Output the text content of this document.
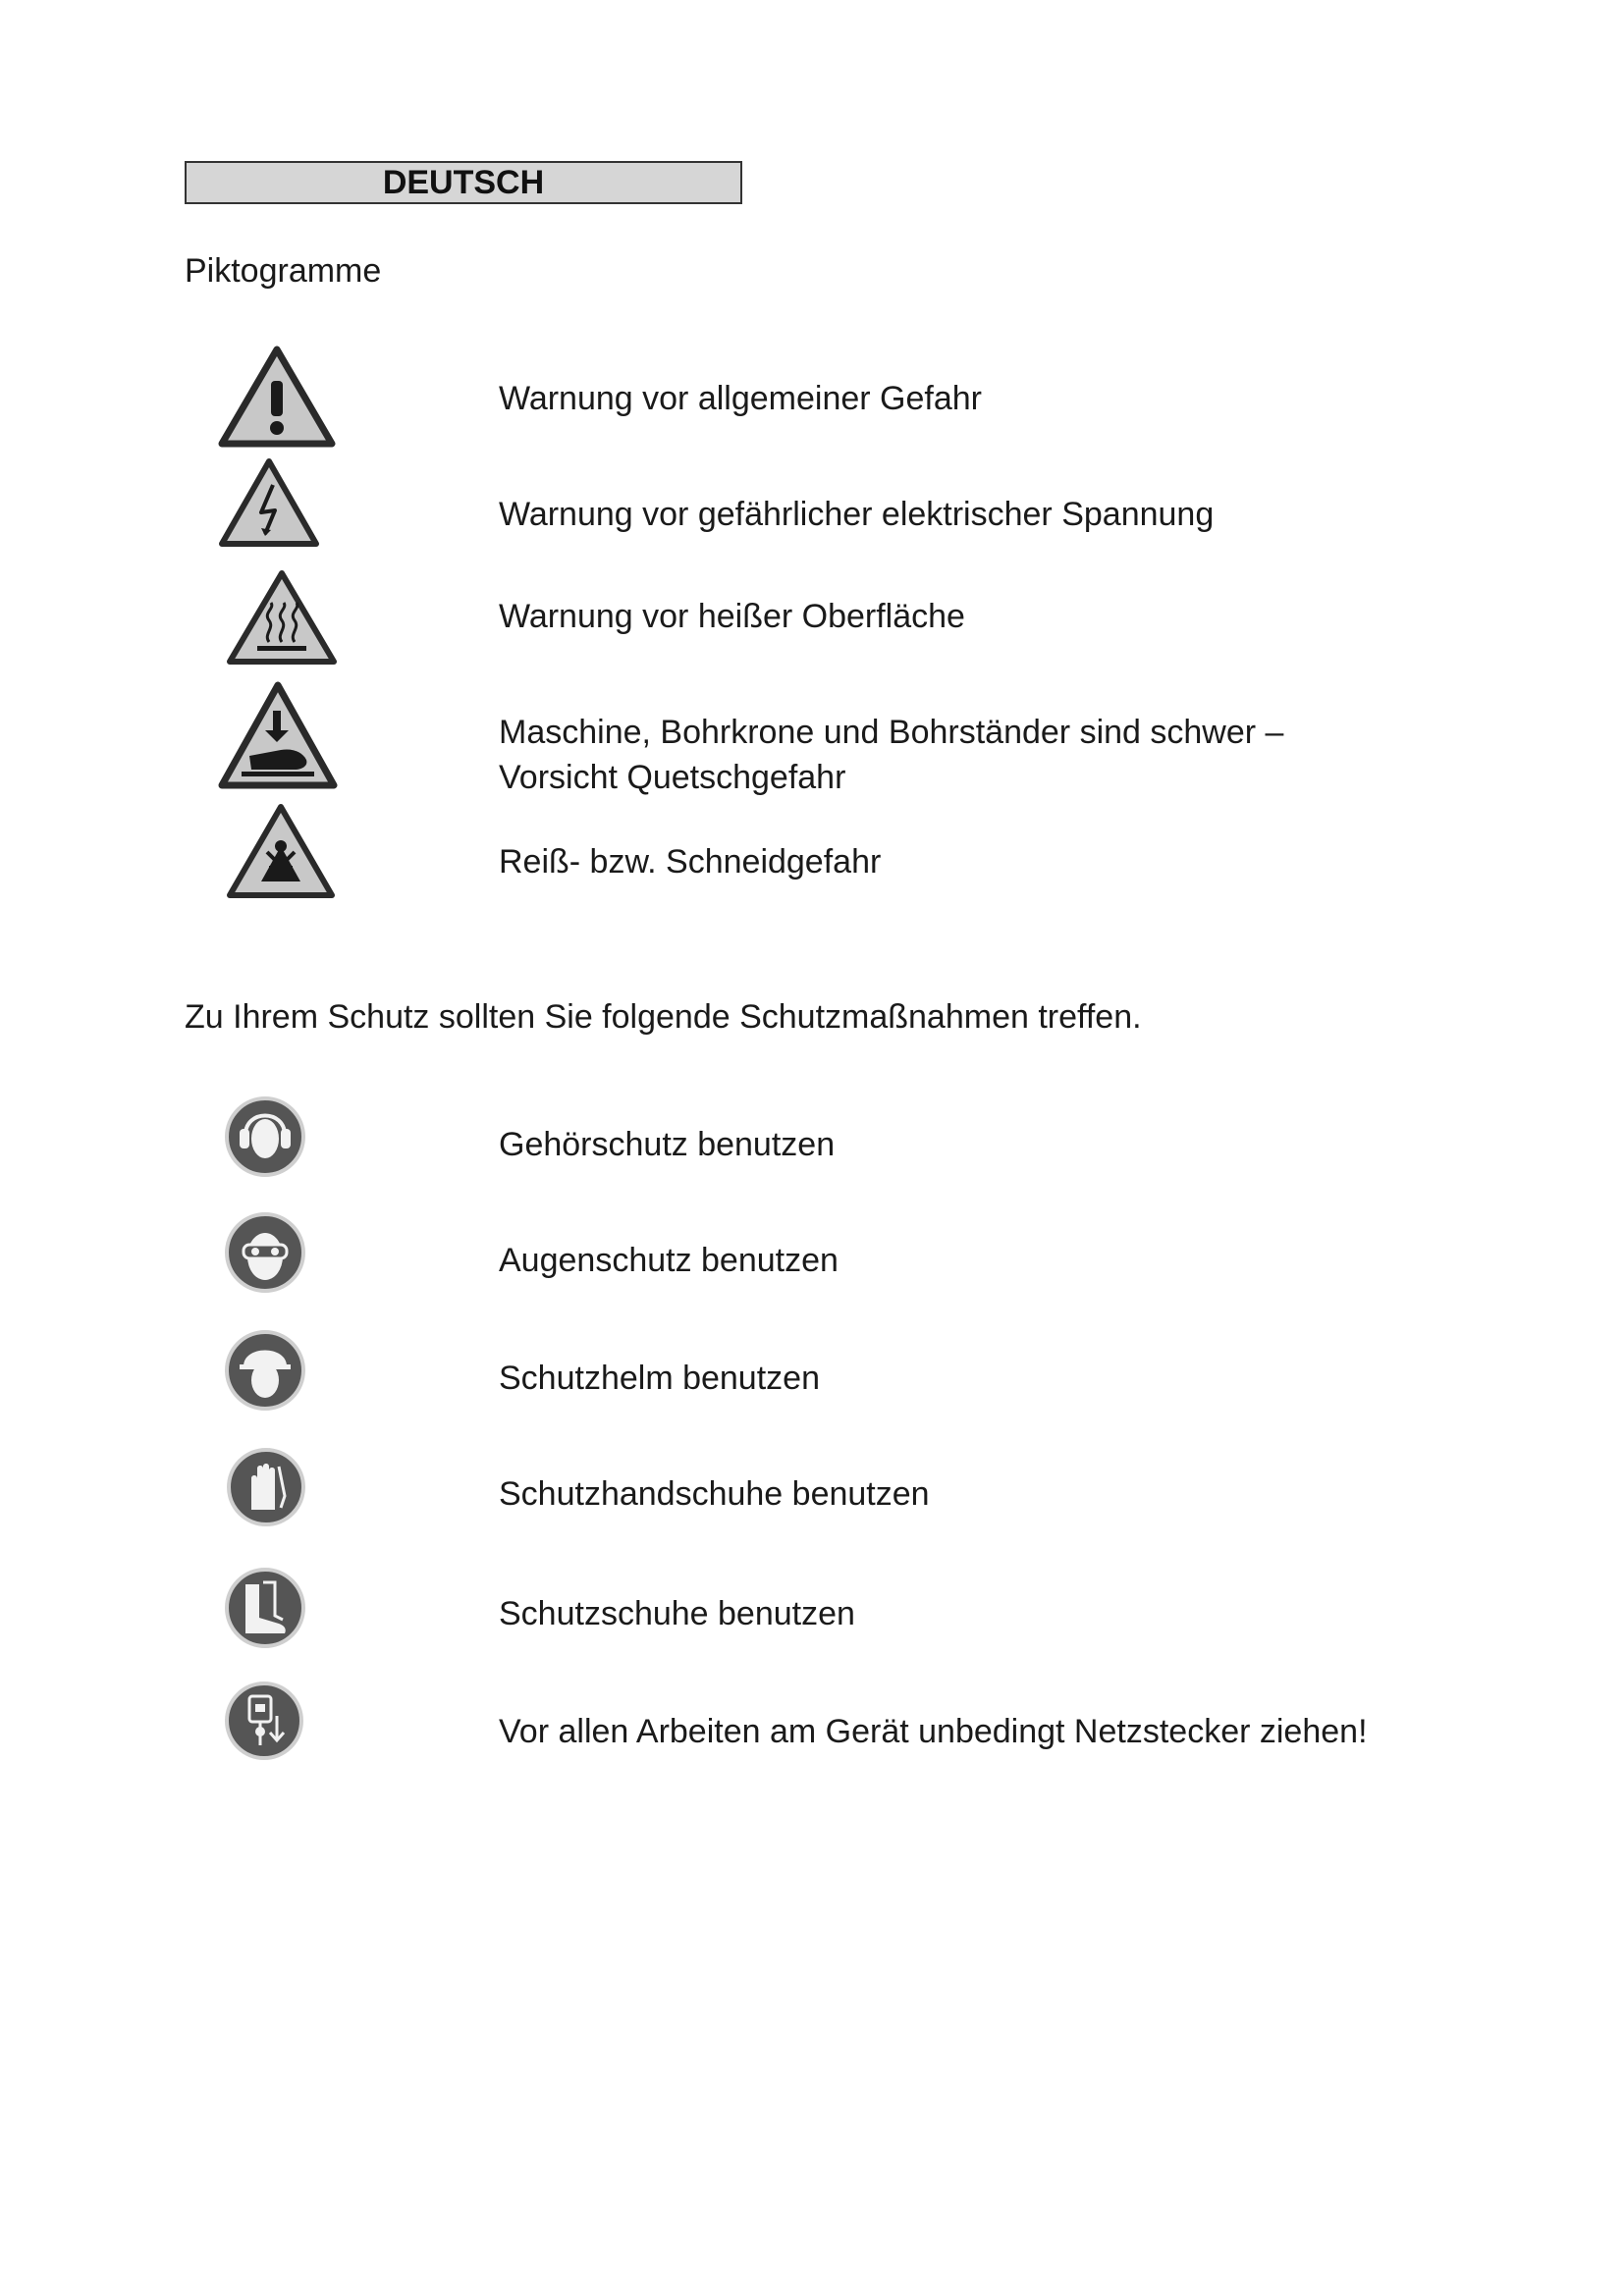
DEUTSCH
Piktogramme
Warnung vor allgemeiner Gefahr
Warnung vor gefährlicher elektrischer Spannung
Warnung vor heißer Oberfläche
Maschine, Bohrkrone und Bohrständer sind schwer –
Vorsicht Quetschgefahr
Reiß- bzw. Schneidgefahr
Zu Ihrem Schutz sollten Sie folgende Schutzmaßnahmen treffen.
Gehörschutz benutzen
Augenschutz benutzen
Schutzhelm benutzen
Schutzhandschuhe benutzen
Schutzschuhe benutzen
Vor allen Arbeiten am Gerät unbedingt Netzstecker ziehen!
